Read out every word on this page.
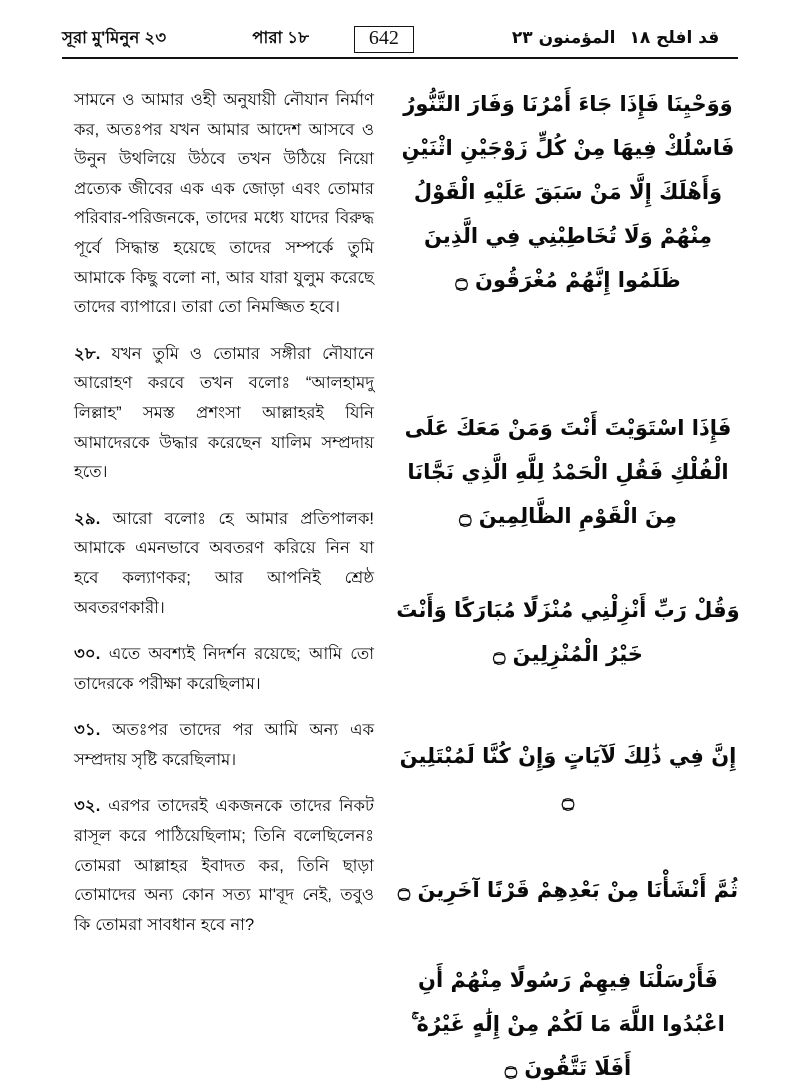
সূরা মু'মিনুন ২৩	পারা ১৮	642	قد افلح ١٨
المؤمنون ٢٣

সামনে ও আমার ওহী অনুযায়ী নৌযান নির্মাণ কর, অতঃপর যখন আমার আদেশ আসবে ও উনুন উথলিয়ে উঠবে তখন উঠিয়ে নিয়ো প্রত্যেক জীবের এক এক জোড়া এবং তোমার পরিবার-পরিজনকে, তাদের মধ্যে যাদের বিরুদ্ধ পূর্বে সিদ্ধান্ত হয়েছে তাদের সম্পর্কে তুমি আমাকে কিছু বলো না, আর যারা যুলুম করেছে তাদের ব্যাপারে। তারা তো নিমজ্জিত হবে।

২৮. যখন তুমি ও তোমার সঙ্গীরা নৌযানে আরোহণ করবে তখন বলোঃ “আলহামদু লিল্লাহ” সমস্ত প্রশংসা আল্লাহরই যিনি আমাদেরকে উদ্ধার করেছেন যালিম সম্প্রদায় হতে।

২৯. আরো বলোঃ হে আমার প্রতিপালক! আমাকে এমনভাবে অবতরণ করিয়ে নিন যা হবে কল্যাণকর; আর আপনিই শ্রেষ্ঠ অবতরণকারী।

৩০. এতে অবশ্যই নিদর্শন রয়েছে; আমি তো তাদেরকে পরীক্ষা করেছিলাম।

৩১. অতঃপর তাদের পর আমি অন্য এক সম্প্রদায় সৃষ্টি করেছিলাম।

৩২. এরপর তাদেরই একজনকে তাদের নিকট রাসূল করে পাঠিয়েছিলাম; তিনি বলেছিলেনঃ তোমরা আল্লাহর ইবাদত কর, তিনি ছাড়া তোমাদের অন্য কোন সত্য মা'বূদ নেই, তবুও কি তোমরা সাবধান হবে না?

وَوَحْيِنَا فَإِذَا جَاءَ أَمْرُنَا وَفَارَ التَّنُّورُ فَاسْلُكْ فِيهَا مِنْ كُلٍّ زَوْجَيْنِ اثْنَيْنِ وَأَهْلَكَ إِلَّا مَنْ سَبَقَ عَلَيْهِ الْقَوْلُ مِنْهُمْ وَلَا تُخَاطِبْنِي فِي الَّذِينَ ظَلَمُوا إِنَّهُمْ مُغْرَقُونَ ۝

فَإِذَا اسْتَوَيْتَ أَنْتَ وَمَنْ مَعَكَ عَلَى الْفُلْكِ فَقُلِ الْحَمْدُ لِلَّهِ الَّذِي نَجَّانَا مِنَ الْقَوْمِ الظَّالِمِينَ ۝

وَقُلْ رَبِّ أَنْزِلْنِي مُنْزَلًا مُبَارَكًا وَأَنْتَ خَيْرُ الْمُنْزِلِينَ ۝

إِنَّ فِي ذَٰلِكَ لَآيَاتٍ وَإِنْ كُنَّا لَمُبْتَلِينَ ۝

ثُمَّ أَنْشَأْنَا مِنْ بَعْدِهِمْ قَرْنًا آخَرِينَ ۝

فَأَرْسَلْنَا فِيهِمْ رَسُولًا مِنْهُمْ أَنِ اعْبُدُوا اللَّهَ مَا لَكُمْ مِنْ إِلَٰهٍ غَيْرُهُ ۚ أَفَلَا تَتَّقُونَ ۝
